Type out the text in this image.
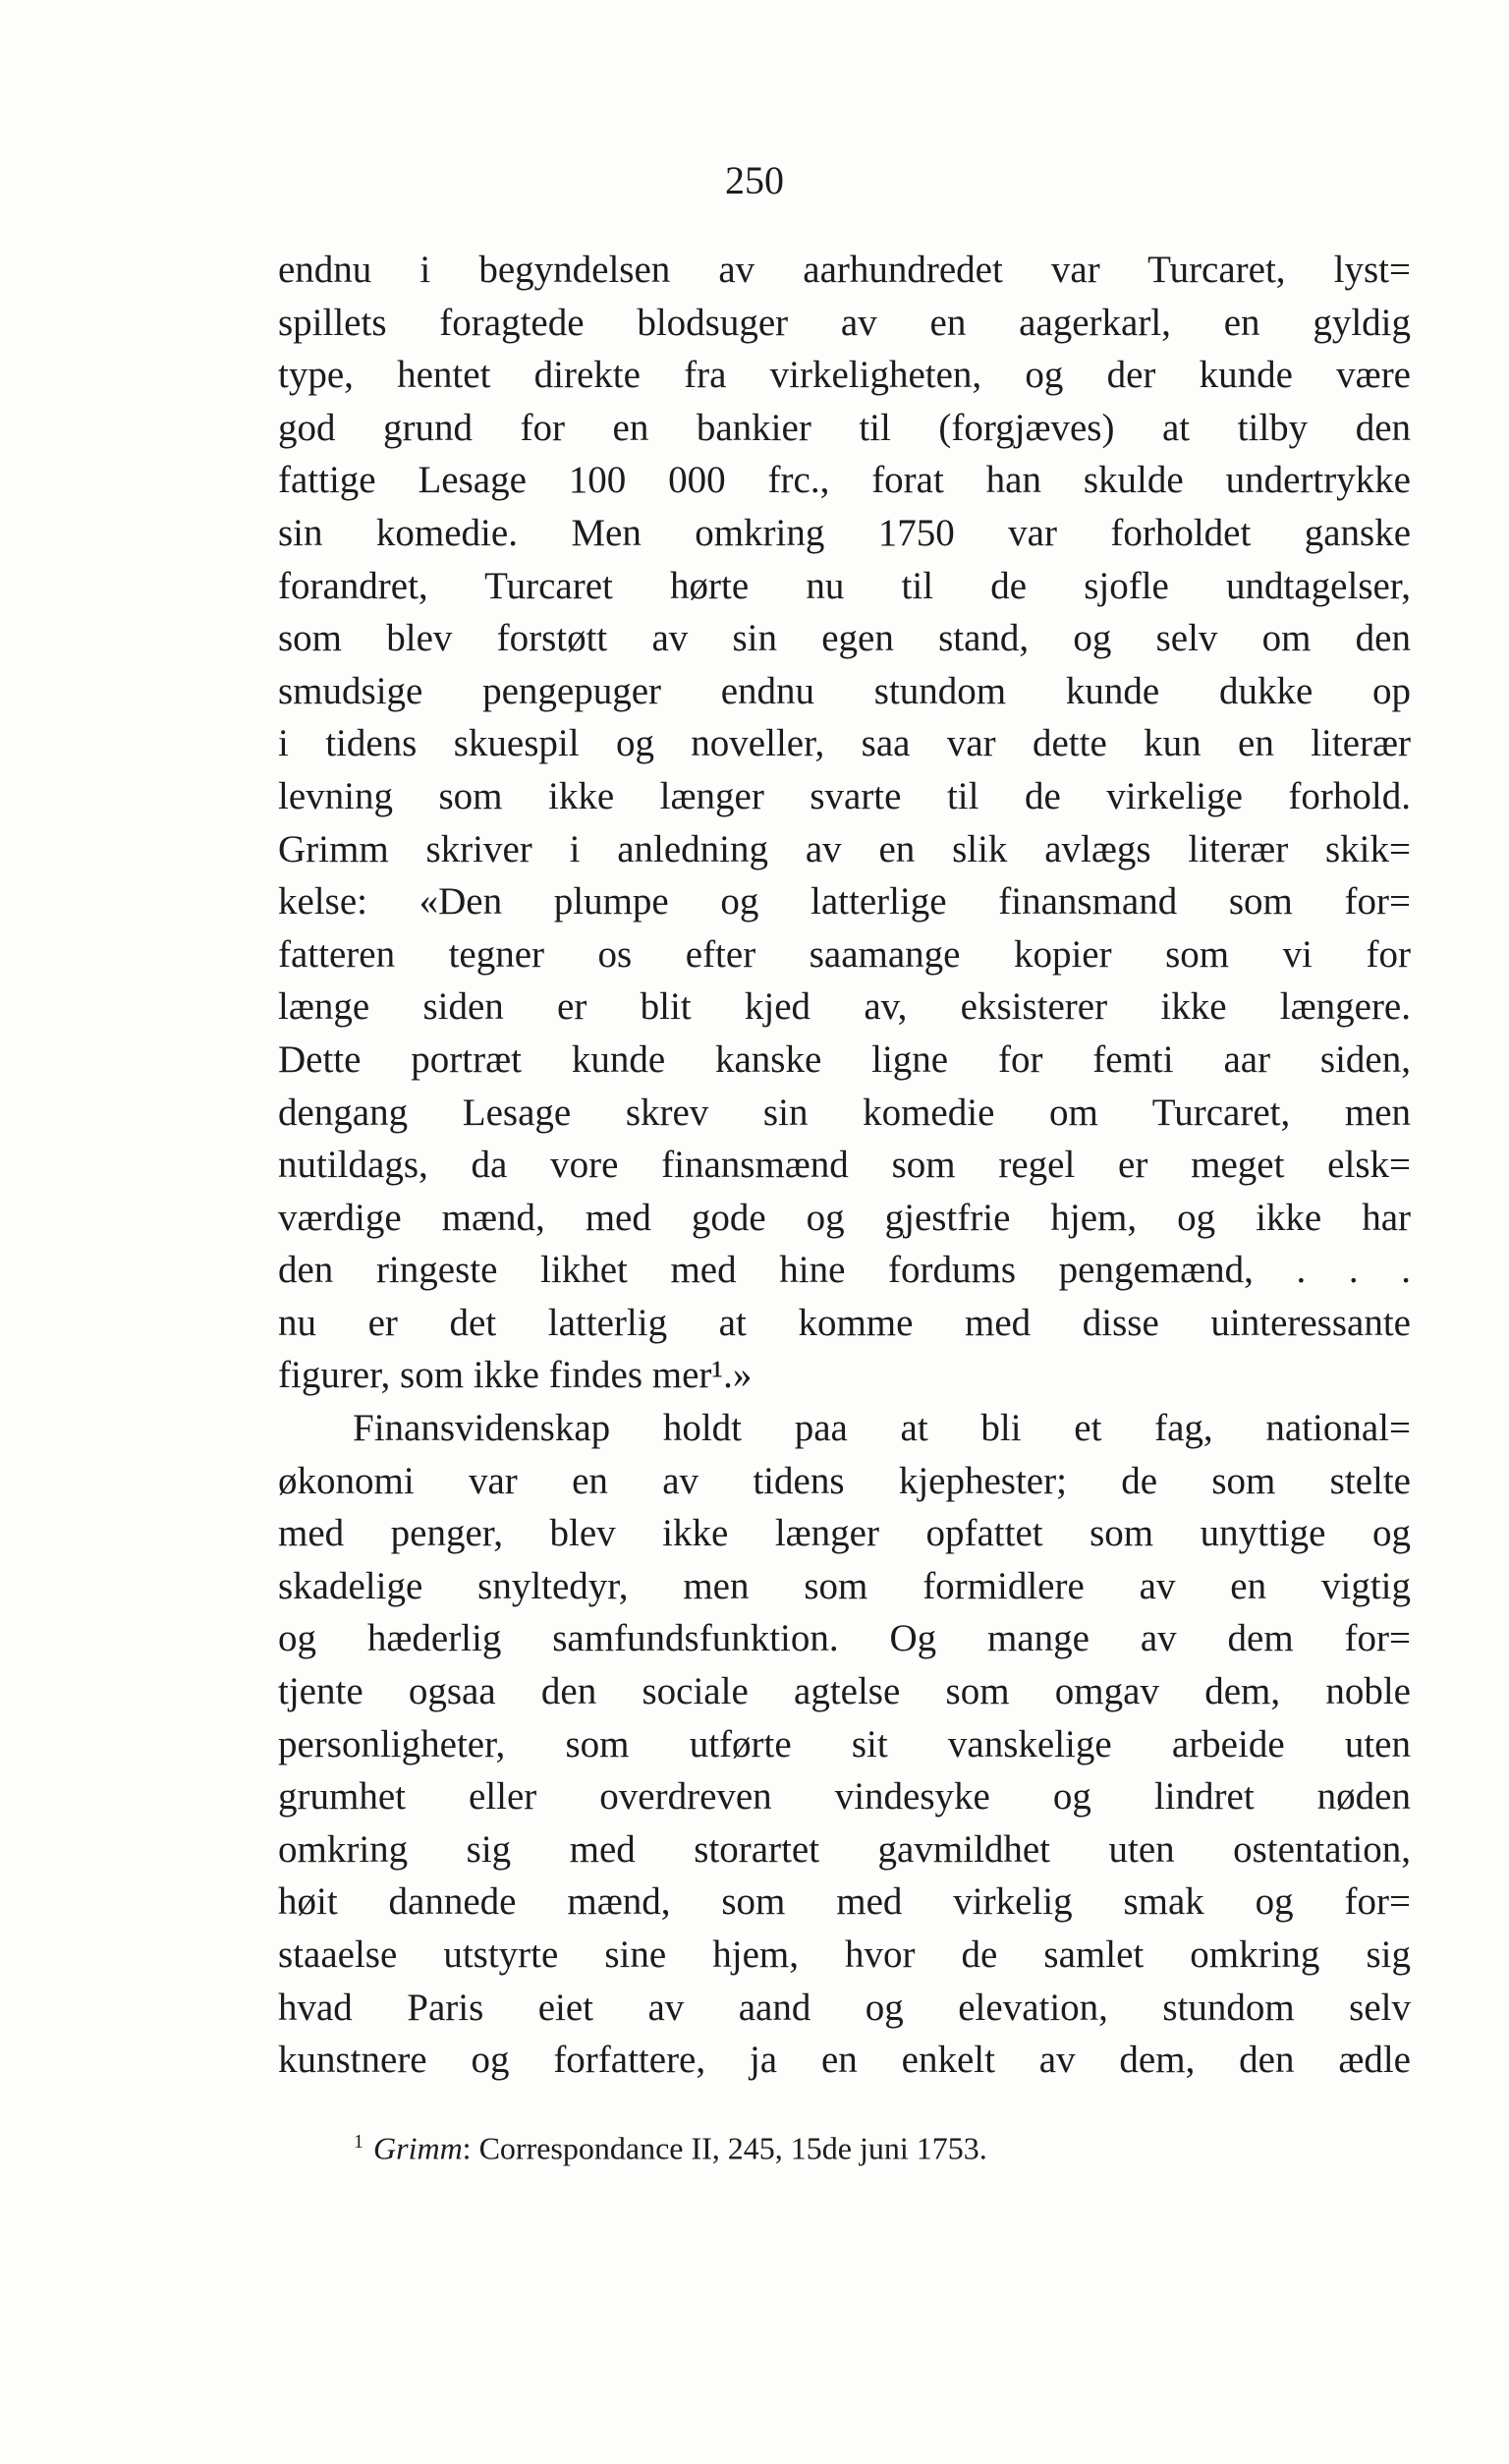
250
endnu i begyndelsen av aarhundredet var Turcaret, lyst=
spillets foragtede blodsuger av en aagerkarl, en gyldig
type, hentet direkte fra virkeligheten, og der kunde være
god grund for en bankier til (forgjæves) at tilby den
fattige Lesage 100 000 frc., forat han skulde undertrykke
sin komedie. Men omkring 1750 var forholdet ganske
forandret, Turcaret hørte nu til de sjofle undtagelser,
som blev forstøtt av sin egen stand, og selv om den
smudsige pengepuger endnu stundom kunde dukke op
i tidens skuespil og noveller, saa var dette kun en literær
levning som ikke længer svarte til de virkelige forhold.
Grimm skriver i anledning av en slik avlægs literær skik=
kelse: «Den plumpe og latterlige finansmand som for=
fatteren tegner os efter saamange kopier som vi for
længe siden er blit kjed av, eksisterer ikke længere.
Dette portræt kunde kanske ligne for femti aar siden,
dengang Lesage skrev sin komedie om Turcaret, men
nutildags, da vore finansmænd som regel er meget elsk=
værdige mænd, med gode og gjestfrie hjem, og ikke har
den ringeste likhet med hine fordums pengemænd, . . .
nu er det latterlig at komme med disse uinteressante
figurer, som ikke findes mer¹.»
Finansvidenskap holdt paa at bli et fag, national=
økonomi var en av tidens kjephester; de som stelte
med penger, blev ikke længer opfattet som unyttige og
skadelige snyltedyr, men som formidlere av en vigtig
og hæderlig samfundsfunktion. Og mange av dem for=
tjente ogsaa den sociale agtelse som omgav dem, noble
personligheter, som utførte sit vanskelige arbeide uten
grumhet eller overdreven vindesyke og lindret nøden
omkring sig med storartet gavmildhet uten ostentation,
høit dannede mænd, som med virkelig smak og for=
staaelse utstyrte sine hjem, hvor de samlet omkring sig
hvad Paris eiet av aand og elevation, stundom selv
kunstnere og forfattere, ja en enkelt av dem, den ædle
$^1$ Grimm: Correspondance II, 245, 15de juni 1753.
